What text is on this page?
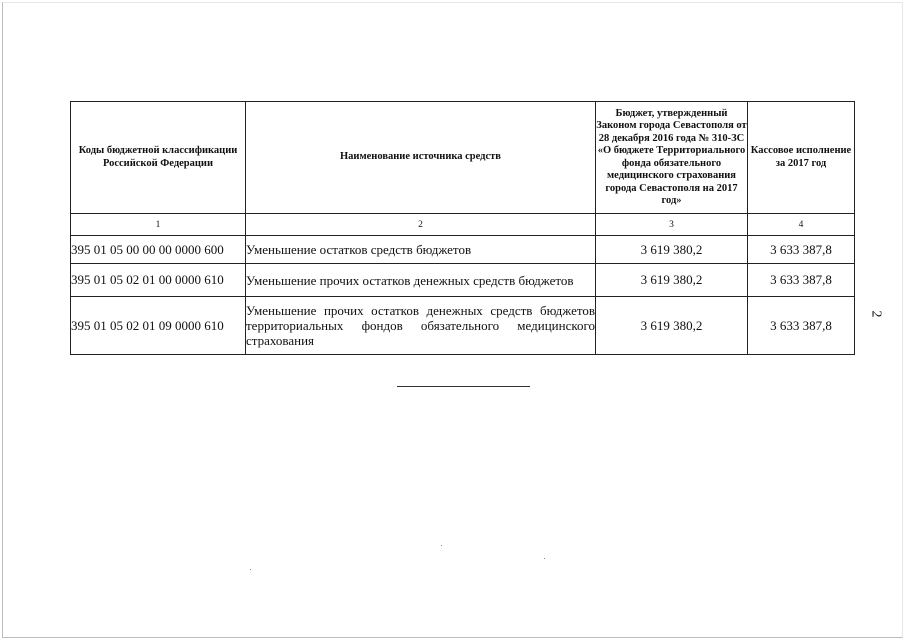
Коды бюджетной классификации Российской Федерации	Наименование источника средств	Бюджет, утвержденный Законом города Севастополя от 28 декабря 2016 года № 310-ЗС «О бюджете Территориального фонда обязательного медицинского страхования города Севастополя на 2017 год»	Кассовое исполнение за 2017 год
1	2	3	4
395 01 05 00 00 00 0000 600	Уменьшение остатков средств бюджетов	3 619 380,2	3 633 387,8
395 01 05 02 01 00 0000 610	Уменьшение прочих остатков денежных средств бюджетов	3 619 380,2	3 633 387,8
395 01 05 02 01 09 0000 610	Уменьшение прочих остатков денежных средств бюджетов территориальных фондов обязательного медицинского страхования	3 619 380,2	3 633 387,8
2
